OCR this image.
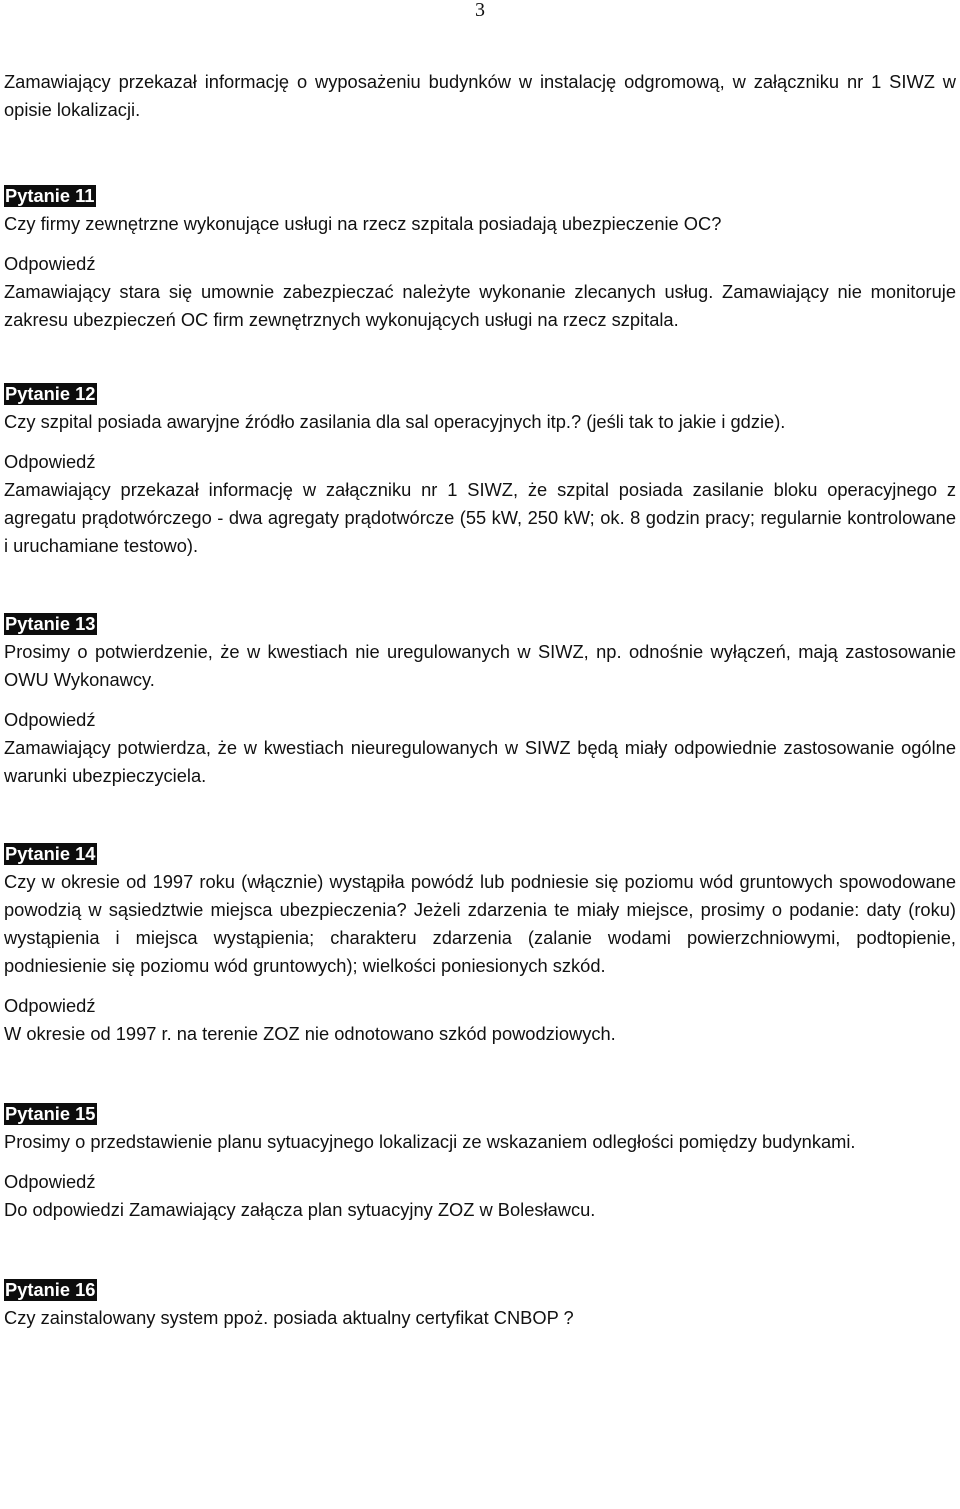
3

Zamawiający przekazał informację o wyposażeniu budynków w instalację odgromową, w załączniku nr 1 SIWZ w opisie lokalizacji.

Pytanie 11

Czy firmy zewnętrzne wykonujące usługi na rzecz szpitala posiadają ubezpieczenie OC?

Odpowiedź

Zamawiający stara się umownie zabezpieczać należyte wykonanie zlecanych usług. Zamawiający nie monitoruje zakresu ubezpieczeń OC firm zewnętrznych wykonujących usługi na rzecz szpitala.

Pytanie 12

Czy szpital posiada awaryjne źródło zasilania dla sal operacyjnych itp.? (jeśli tak to jakie i gdzie).

Odpowiedź

Zamawiający przekazał informację w załączniku nr 1 SIWZ, że szpital posiada zasilanie bloku operacyjnego z agregatu prądotwórczego - dwa agregaty prądotwórcze (55 kW, 250 kW; ok. 8 godzin pracy; regularnie kontrolowane i uruchamiane testowo).

Pytanie 13

Prosimy o potwierdzenie, że w kwestiach nie uregulowanych w SIWZ, np. odnośnie wyłączeń, mają zastosowanie OWU Wykonawcy.

Odpowiedź

Zamawiający potwierdza, że w kwestiach nieuregulowanych w SIWZ będą miały odpowiednie zastosowanie ogólne warunki ubezpieczyciela.

Pytanie 14

Czy w okresie od 1997 roku (włącznie) wystąpiła powódź lub podniesie się poziomu wód gruntowych spowodowane powodzią w sąsiedztwie miejsca ubezpieczenia? Jeżeli zdarzenia te miały miejsce, prosimy o podanie: daty (roku) wystąpienia i miejsca wystąpienia; charakteru zdarzenia (zalanie wodami powierzchniowymi, podtopienie, podniesienie się poziomu wód gruntowych); wielkości poniesionych szkód.

Odpowiedź

W okresie od 1997 r. na terenie ZOZ nie odnotowano szkód powodziowych.

Pytanie 15

Prosimy o przedstawienie planu sytuacyjnego lokalizacji ze wskazaniem odległości pomiędzy budynkami.

Odpowiedź

Do odpowiedzi Zamawiający załącza plan sytuacyjny ZOZ w Bolesławcu.

Pytanie 16

Czy zainstalowany system ppoż. posiada aktualny certyfikat CNBOP ?
